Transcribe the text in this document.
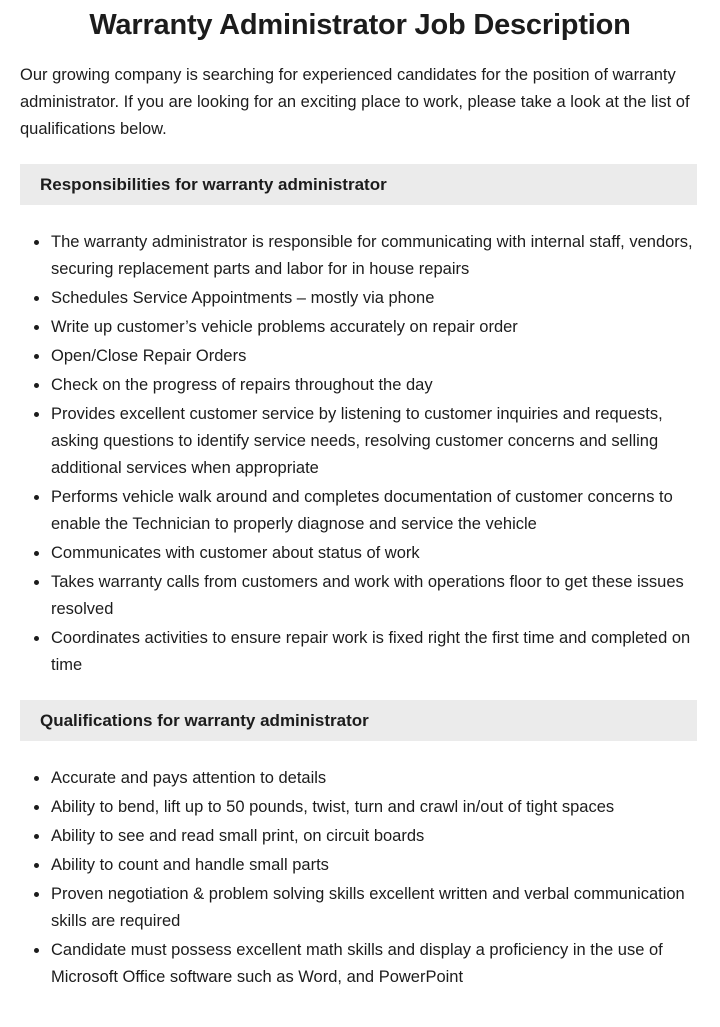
Warranty Administrator Job Description

Our growing company is searching for experienced candidates for the position of warranty administrator. If you are looking for an exciting place to work, please take a look at the list of qualifications below.

Responsibilities for warranty administrator
The warranty administrator is responsible for communicating with internal staff, vendors, securing replacement parts and labor for in house repairs
Schedules Service Appointments – mostly via phone
Write up customer’s vehicle problems accurately on repair order
Open/Close Repair Orders
Check on the progress of repairs throughout the day
Provides excellent customer service by listening to customer inquiries and requests, asking questions to identify service needs, resolving customer concerns and selling additional services when appropriate
Performs vehicle walk around and completes documentation of customer concerns to enable the Technician to properly diagnose and service the vehicle
Communicates with customer about status of work
Takes warranty calls from customers and work with operations floor to get these issues resolved
Coordinates activities to ensure repair work is fixed right the first time and completed on time
Qualifications for warranty administrator
Accurate and pays attention to details
Ability to bend, lift up to 50 pounds, twist, turn and crawl in/out of tight spaces
Ability to see and read small print, on circuit boards
Ability to count and handle small parts
Proven negotiation & problem solving skills excellent written and verbal communication skills are required
Candidate must possess excellent math skills and display a proficiency in the use of Microsoft Office software such as Word, and PowerPoint
